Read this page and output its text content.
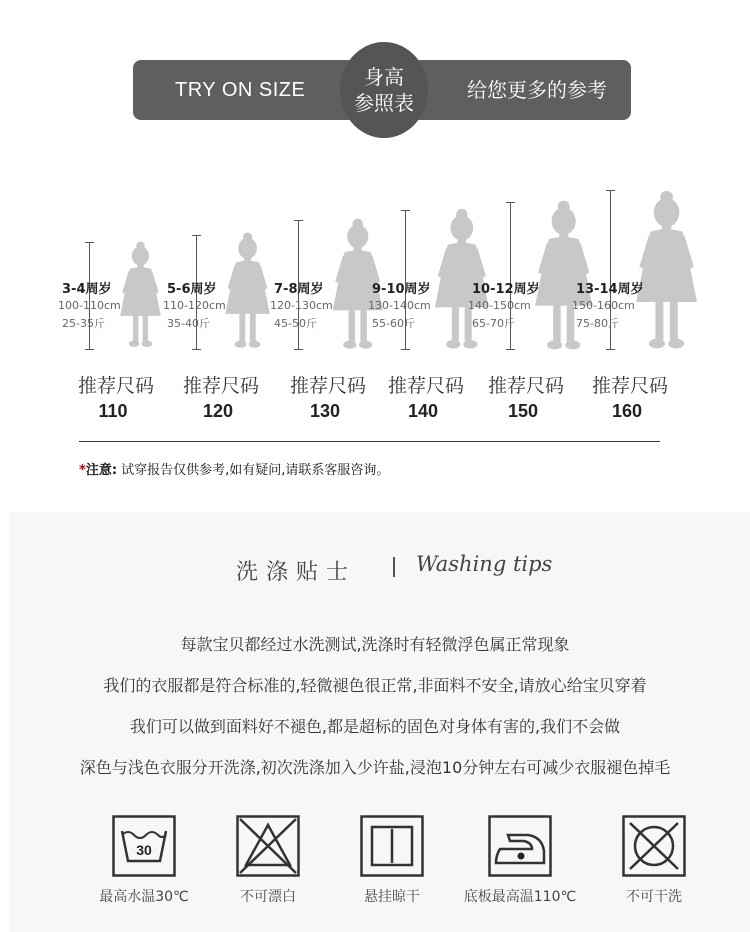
TRY ON SIZE	给您更多的参考
身高
参照表
3-4周岁
100-110cm
25-35斤
推荐尺码
110
5-6周岁
110-120cm
35-40斤
推荐尺码
120
7-8周岁
120-130cm
45-50斤
推荐尺码
130
9-10周岁
130-140cm
55-60斤
推荐尺码
140
10-12周岁
140-150cm
65-70斤
推荐尺码
150
13-14周岁
150-160cm
75-80斤
推荐尺码
160
*注意: 试穿报告仅供参考,如有疑问,请联系客服咨询。
洗涤贴士	Washing tips
每款宝贝都经过水洗测试,洗涤时有轻微浮色属正常现象
我们的衣服都是符合标准的,轻微褪色很正常,非面料不安全,请放心给宝贝穿着
我们可以做到面料好不褪色,都是超标的固色对身体有害的,我们不会做
深色与浅色衣服分开洗涤,初次洗涤加入少许盐,浸泡10分钟左右可减少衣服褪色掉毛
30
最高水温30℃	不可漂白	悬挂晾干	底板最高温110℃	不可干洗
